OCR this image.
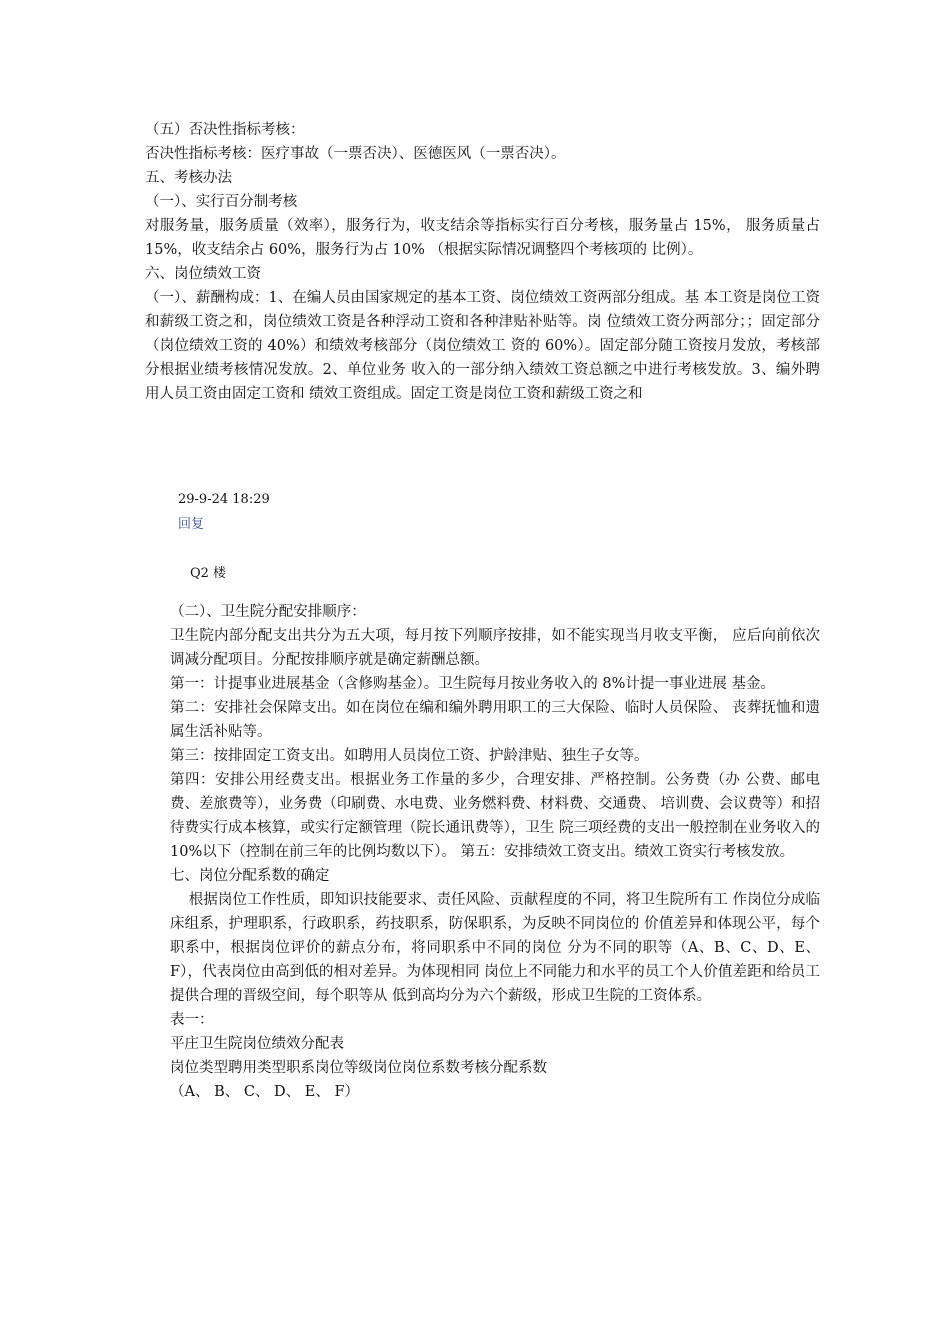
（五）否决性指标考核：

否决性指标考核：医疗事故（一票否决）、医德医风（一票否决）。

五、考核办法

（一）、实行百分制考核

对服务量，服务质量（效率），服务行为，收支结余等指标实行百分考核，服务量占 15%， 服务质量占 15%，收支结余占 60%，服务行为占 10% （根据实际情况调整四个考核项的 比例）。

六、岗位绩效工资

（一）、薪酬构成：1、在编人员由国家规定的基本工资、岗位绩效工资两部分组成。基 本工资是岗位工资和薪级工资之和，岗位绩效工资是各种浮动工资和各种津贴补贴等。岗 位绩效工资分两部分；；固定部分（岗位绩效工资的 40%）和绩效考核部分（岗位绩效工 资的 60%）。固定部分随工资按月发放，考核部分根据业绩考核情况发放。2、单位业务 收入的一部分纳入绩效工资总额之中进行考核发放。3、编外聘用人员工资由固定工资和 绩效工资组成。固定工资是岗位工资和薪级工资之和

29-9-24 18:29
回复
Q2 楼

（二）、卫生院分配安排顺序：

卫生院内部分配支出共分为五大项，每月按下列顺序按排，如不能实现当月收支平衡， 应后向前依次调减分配项目。分配按排顺序就是确定薪酬总额。

第一：计提事业进展基金（含修购基金）。卫生院每月按业务收入的 8%计提一事业进展 基金。

第二：安排社会保障支出。如在岗位在编和编外聘用职工的三大保险、临时人员保险、 丧葬抚恤和遗属生活补贴等。

第三：按排固定工资支出。如聘用人员岗位工资、护龄津贴、独生子女等。

第四：安排公用经费支出。根据业务工作量的多少，合理安排、严格控制。公务费（办 公费、邮电费、差旅费等），业务费（印刷费、水电费、业务燃料费、材料费、交通费、 培训费、会议费等）和招待费实行成本核算，或实行定额管理（院长通讯费等），卫生 院三项经费的支出一般控制在业务收入的 10%以下（控制在前三年的比例均数以下）。 第五：安排绩效工资支出。绩效工资实行考核发放。

七、岗位分配系数的确定

根据岗位工作性质，即知识技能要求、责任风险、贡献程度的不同，将卫生院所有工 作岗位分成临床组系，护理职系，行政职系，药技职系，防保职系，为反映不同岗位的 价值差异和体现公平，每个职系中，根据岗位评价的薪点分布，将同职系中不同的岗位 分为不同的职等（A、B、C、D、E、F），代表岗位由高到低的相对差异。为体现相同 岗位上不同能力和水平的员工个人价值差距和给员工提供合理的晋级空间，每个职等从 低到高均分为六个薪级，形成卫生院的工资体系。

表一：

平庄卫生院岗位绩效分配表

岗位类型聘用类型职系岗位等级岗位岗位系数考核分配系数

（A、 B、 C、 D、 E、 F）
